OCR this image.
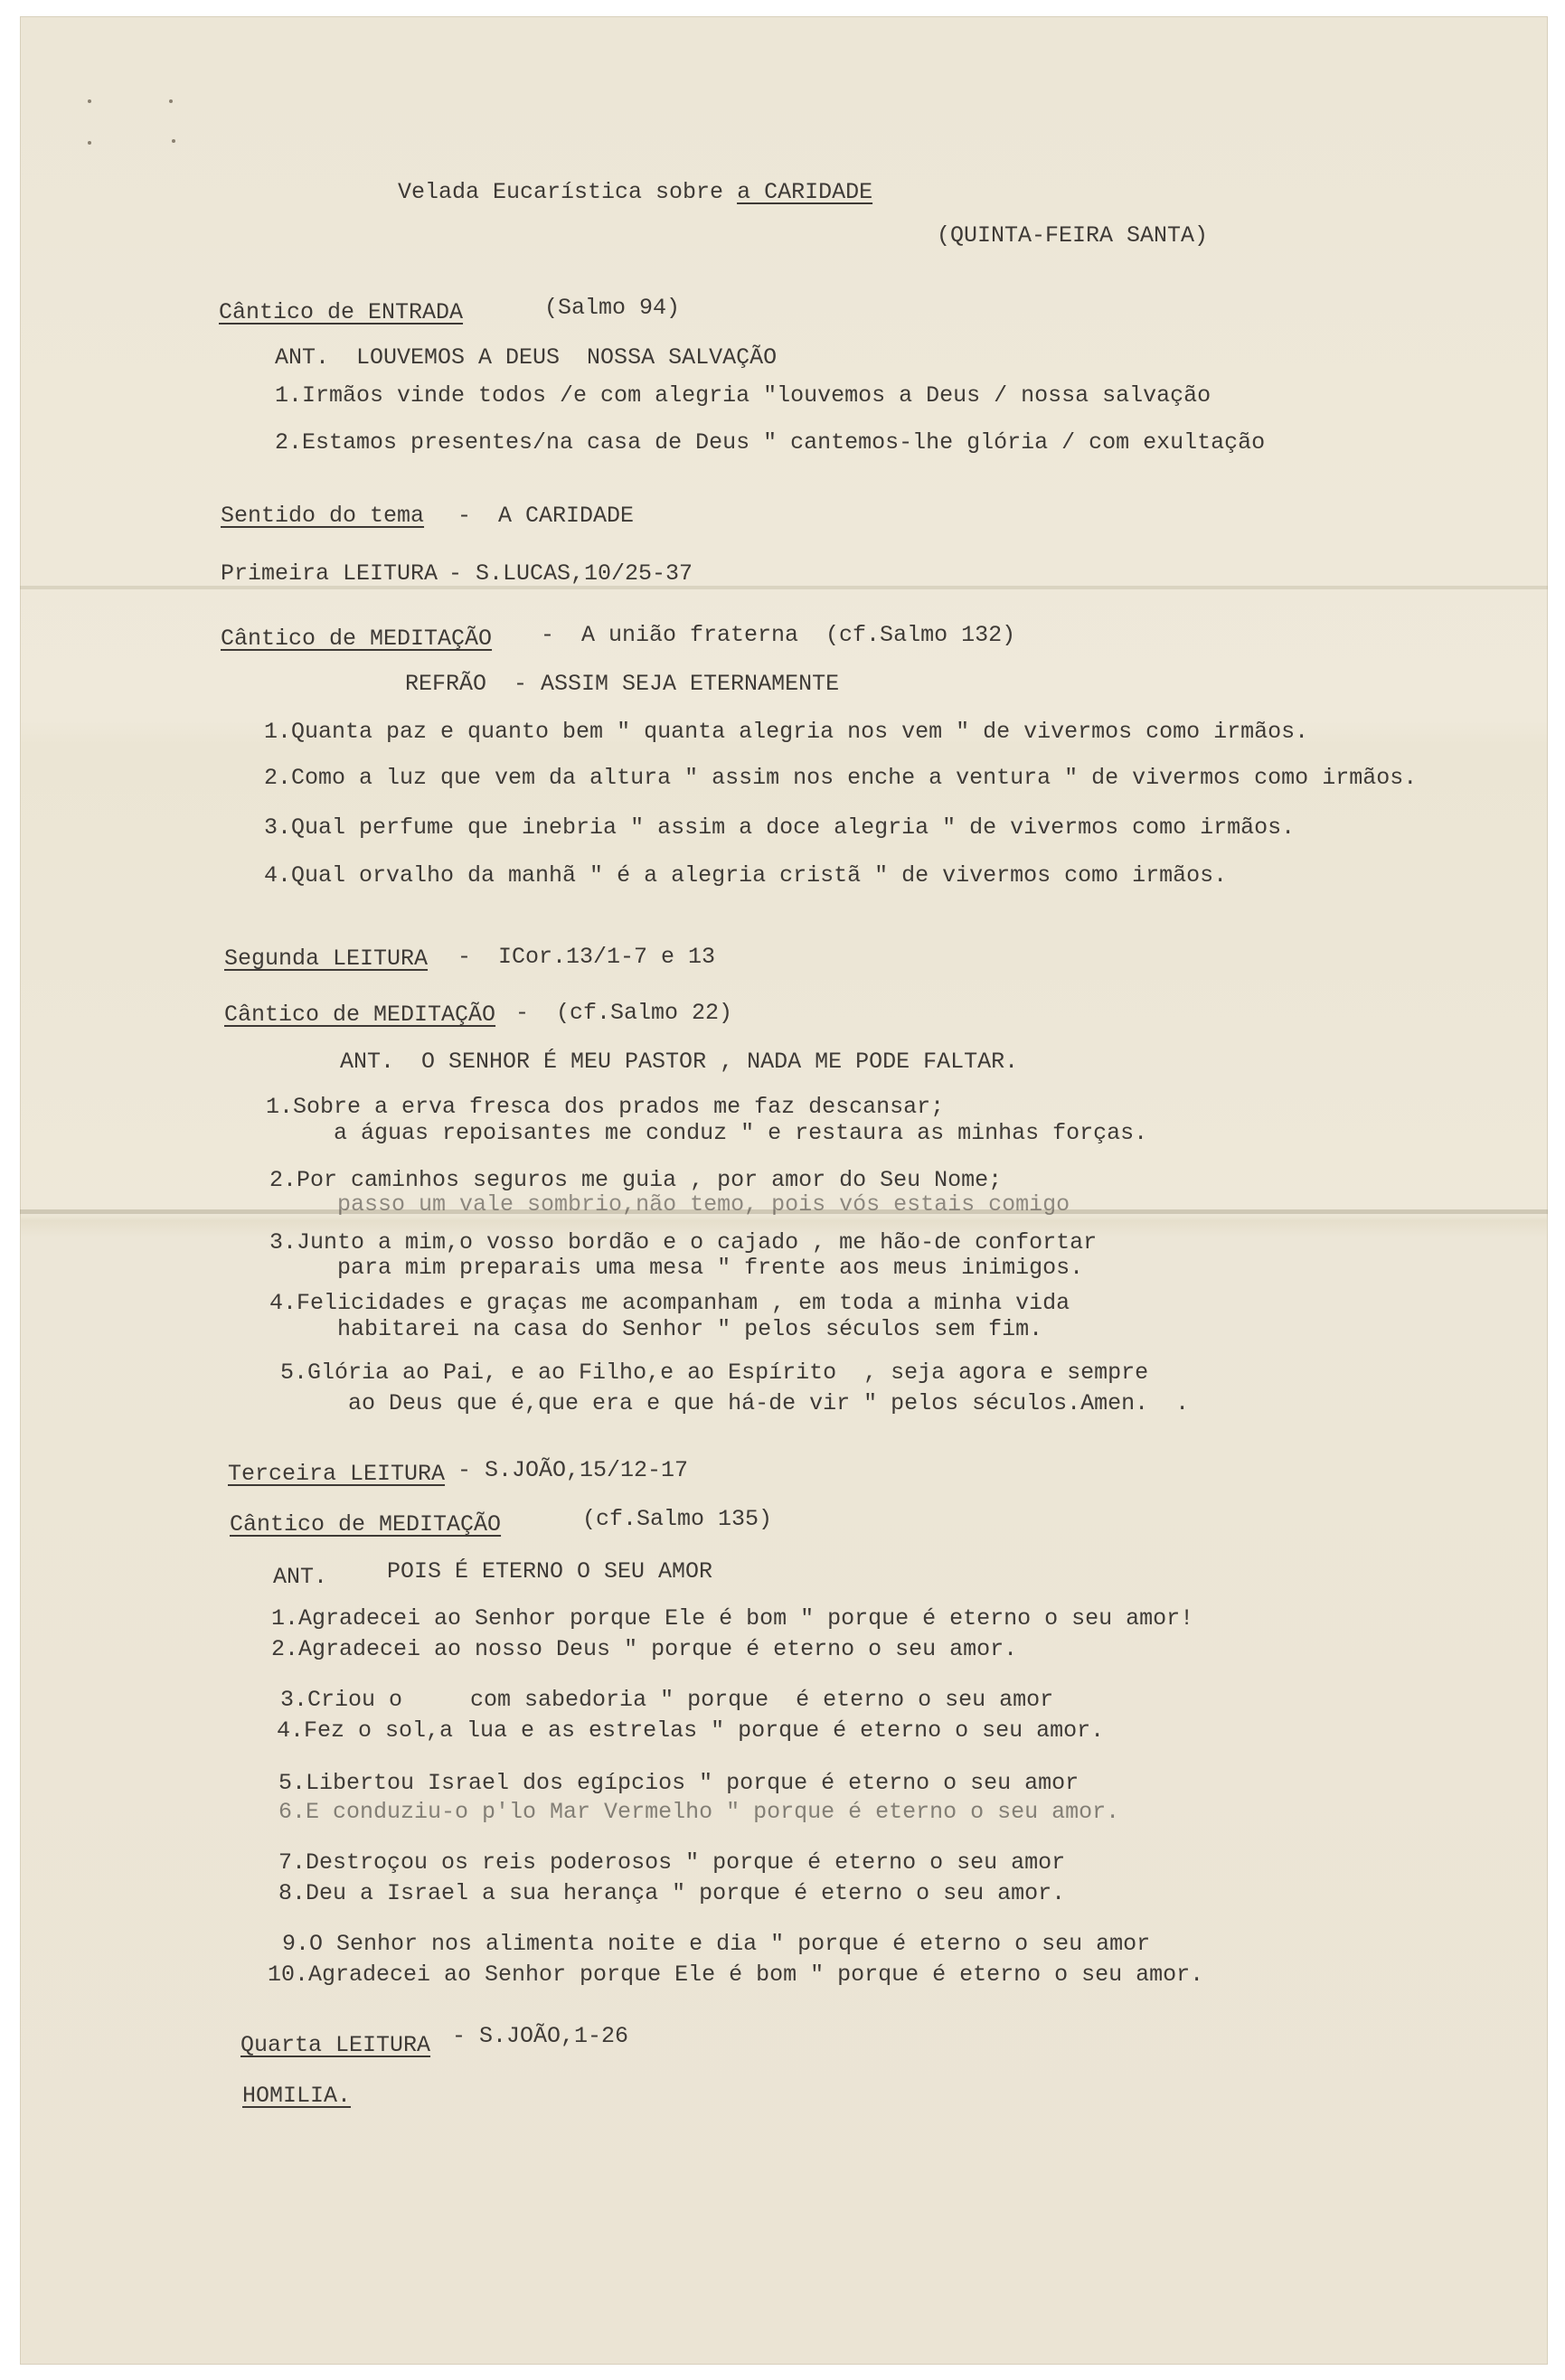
Velada Eucarística sobre a CARIDADE
(QUINTA-FEIRA SANTA)
Cântico de ENTRADA	(Salmo 94)
ANT.  LOUVEMOS A DEUS  NOSSA SALVAÇÃO
1.Irmãos vinde todos /e com alegria "louvemos a Deus / nossa salvação
2.Estamos presentes/na casa de Deus " cantemos-lhe glória / com exultação
Sentido do tema -  A CARIDADE
Primeira LEITURA - S.LUCAS,10/25-37
Cântico de MEDITAÇÃO -  A união fraterna  (cf.Salmo 132)
REFRÃO  - ASSIM SEJA ETERNAMENTE
1.Quanta paz e quanto bem " quanta alegria nos vem " de vivermos como irmãos.
2.Como a luz que vem da altura " assim nos enche a ventura " de vivermos como irmãos.
3.Qual perfume que inebria " assim a doce alegria " de vivermos como irmãos.
4.Qual orvalho da manhã " é a alegria cristã " de vivermos como irmãos.
Segunda LEITURA -  ICor.13/1-7 e 13
Cântico de MEDITAÇÃO -  (cf.Salmo 22)
ANT.  O SENHOR É MEU PASTOR , NADA ME PODE FALTAR.
1.Sobre a erva fresca dos prados me faz descansar;
a águas repoisantes me conduz " e restaura as minhas forças.
2.Por caminhos seguros me guia , por amor do Seu Nome;
passo um vale sombrio,não temo, pois vós estais comigo
3.Junto a mim,o vosso bordão e o cajado , me hão-de confortar
para mim preparais uma mesa " frente aos meus inimigos.
4.Felicidades e graças me acompanham , em toda a minha vida
habitarei na casa do Senhor " pelos séculos sem fim.
5.Glória ao Pai, e ao Filho,e ao Espírito  , seja agora e sempre
ao Deus que é,que era e que há-de vir " pelos séculos.Amen.  .
Terceira LEITURA - S.JOÃO,15/12-17
Cântico de MEDITAÇÃO	(cf.Salmo 135)
ANT.	POIS É ETERNO O SEU AMOR
1.Agradecei ao Senhor porque Ele é bom " porque é eterno o seu amor!
2.Agradecei ao nosso Deus " porque é eterno o seu amor.
3.Criou o     com sabedoria " porque  é eterno o seu amor
4.Fez o sol,a lua e as estrelas " porque é eterno o seu amor.
5.Libertou Israel dos egípcios " porque é eterno o seu amor
6.E conduziu-o p'lo Mar Vermelho " porque é eterno o seu amor.
7.Destroçou os reis poderosos " porque é eterno o seu amor
8.Deu a Israel a sua herança " porque é eterno o seu amor.
9.O Senhor nos alimenta noite e dia " porque é eterno o seu amor
10.Agradecei ao Senhor porque Ele é bom " porque é eterno o seu amor.
Quarta LEITURA - S.JOÃO,1-26
HOMILIA.
